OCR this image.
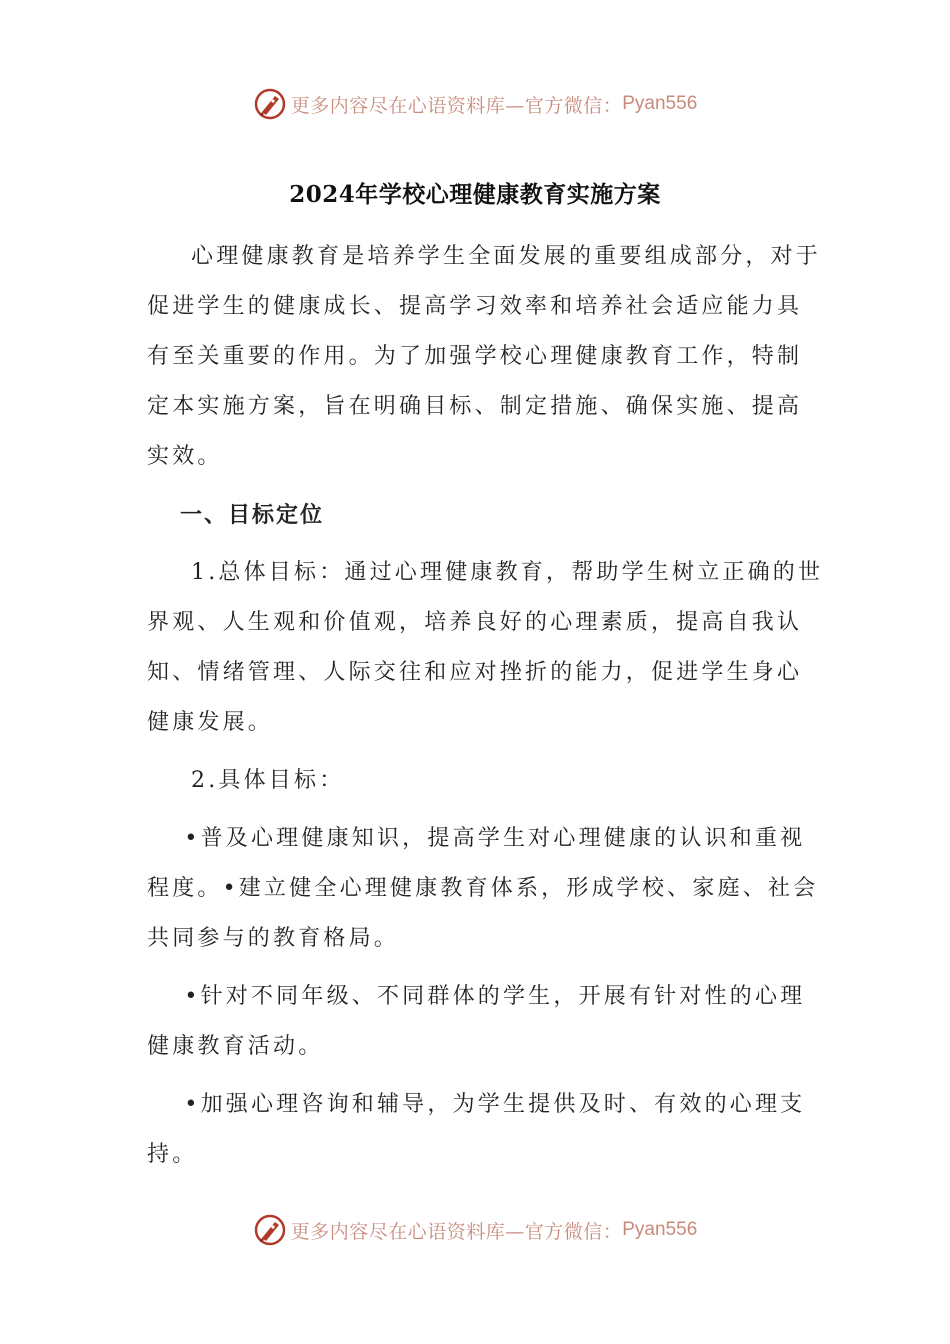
更多内容尽在心语资料库—官方微信： Pyan556
2024年学校心理健康教育实施方案

心理健康教育是培养学生全面发展的重要组成部分，对于促进学生的健康成长、提高学习效率和培养社会适应能力具有至关重要的作用。为了加强学校心理健康教育工作，特制定本实施方案，旨在明确目标、制定措施、确保实施、提高实效。

一、目标定位

1.总体目标：通过心理健康教育，帮助学生树立正确的世界观、人生观和价值观，培养良好的心理素质，提高自我认知、情绪管理、人际交往和应对挫折的能力，促进学生身心健康发展。

2.具体目标：

•普及心理健康知识，提高学生对心理健康的认识和重视程度。•建立健全心理健康教育体系，形成学校、家庭、社会共同参与的教育格局。

•针对不同年级、不同群体的学生，开展有针对性的心理健康教育活动。

•加强心理咨询和辅导，为学生提供及时、有效的心理支持。

更多内容尽在心语资料库—官方微信： Pyan556
